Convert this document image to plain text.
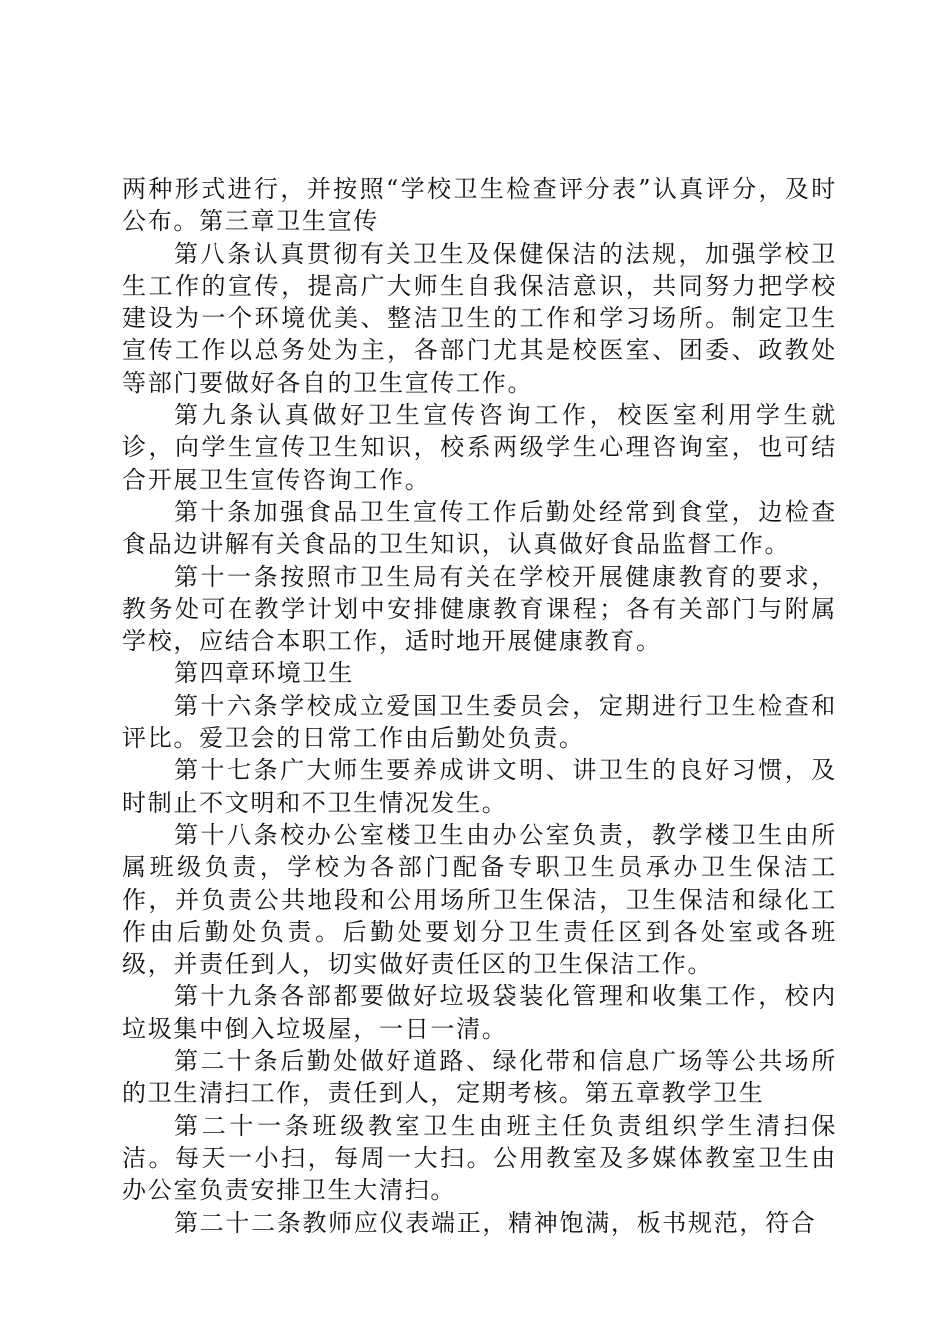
两种形式进行，并按照“学校卫生检查评分表”认真评分，及时公布。第三章卫生宣传

第八条认真贯彻有关卫生及保健保洁的法规，加强学校卫生工作的宣传，提高广大师生自我保洁意识，共同努力把学校建设为一个环境优美、整洁卫生的工作和学习场所。制定卫生宣传工作以总务处为主，各部门尤其是校医室、团委、政教处等部门要做好各自的卫生宣传工作。

第九条认真做好卫生宣传咨询工作，校医室利用学生就诊，向学生宣传卫生知识，校系两级学生心理咨询室，也可结合开展卫生宣传咨询工作。

第十条加强食品卫生宣传工作后勤处经常到食堂，边检查食品边讲解有关食品的卫生知识，认真做好食品监督工作。

第十一条按照市卫生局有关在学校开展健康教育的要求，教务处可在教学计划中安排健康教育课程；各有关部门与附属学校，应结合本职工作，适时地开展健康教育。

第四章环境卫生

第十六条学校成立爱国卫生委员会，定期进行卫生检查和评比。爱卫会的日常工作由后勤处负责。

第十七条广大师生要养成讲文明、讲卫生的良好习惯，及时制止不文明和不卫生情况发生。

第十八条校办公室楼卫生由办公室负责，教学楼卫生由所属班级负责，学校为各部门配备专职卫生员承办卫生保洁工作，并负责公共地段和公用场所卫生保洁，卫生保洁和绿化工作由后勤处负责。后勤处要划分卫生责任区到各处室或各班级，并责任到人，切实做好责任区的卫生保洁工作。

第十九条各部都要做好垃圾袋装化管理和收集工作，校内垃圾集中倒入垃圾屋，一日一清。

第二十条后勤处做好道路、绿化带和信息广场等公共场所的卫生清扫工作，责任到人，定期考核。第五章教学卫生

第二十一条班级教室卫生由班主任负责组织学生清扫保洁。每天一小扫，每周一大扫。公用教室及多媒体教室卫生由办公室负责安排卫生大清扫。

第二十二条教师应仪表端正，精神饱满，板书规范，符合
